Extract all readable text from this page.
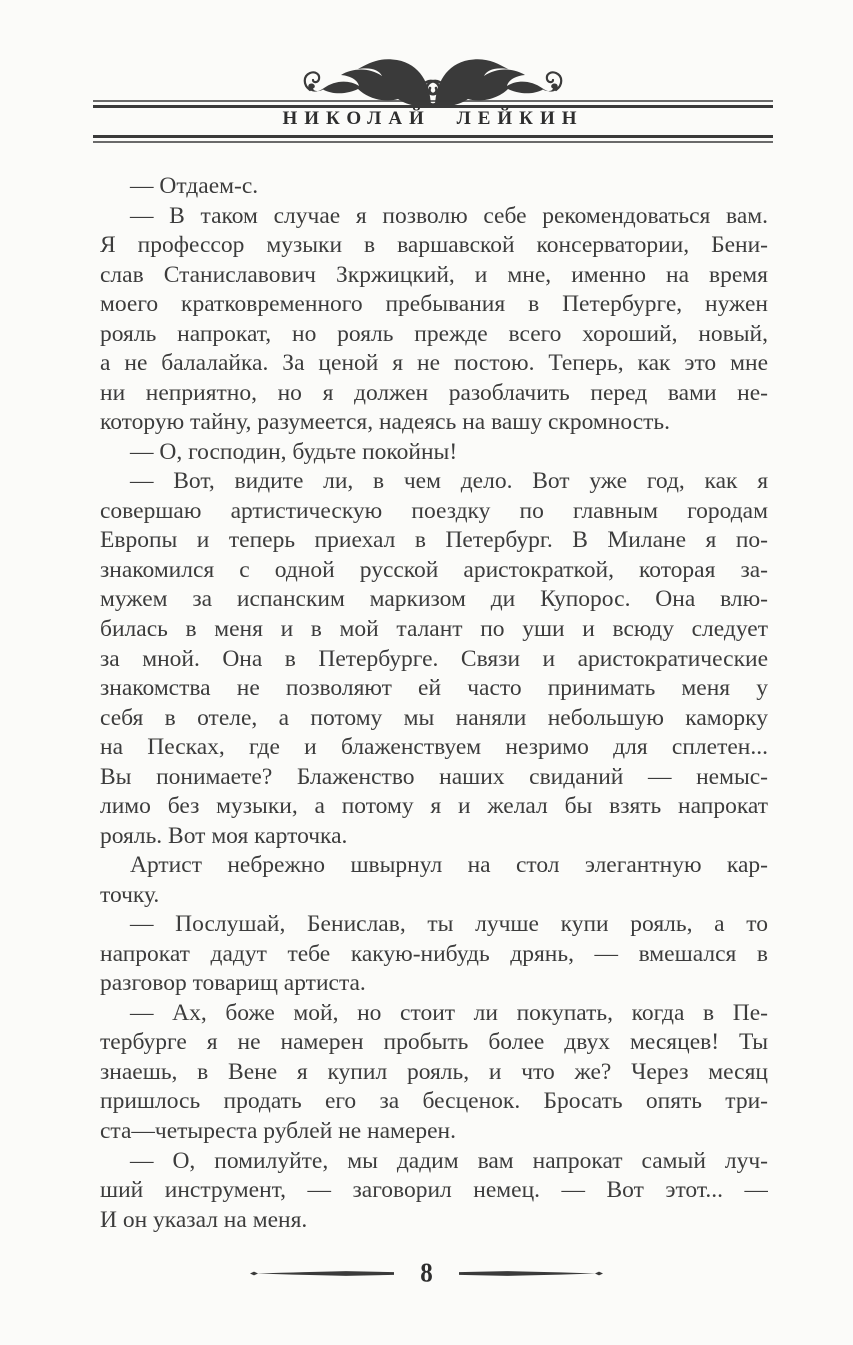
НИКОЛАЙ ЛЕЙКИН

— Отдаем-с.

— В таком случае я позволю себе рекомендоваться вам.
Я профессор музыки в варшавской консерватории, Бени-
слав Станиславович Зкржицкий, и мне, именно на время
моего кратковременного пребывания в Петербурге, нужен
рояль напрокат, но рояль прежде всего хороший, новый,
а не балалайка. За ценой я не постою. Теперь, как это мне
ни неприятно, но я должен разоблачить перед вами не-
которую тайну, разумеется, надеясь на вашу скромность.

— О, господин, будьте покойны!

— Вот, видите ли, в чем дело. Вот уже год, как я
совершаю артистическую поездку по главным городам
Европы и теперь приехал в Петербург. В Милане я по-
знакомился с одной русской аристократкой, которая за-
мужем за испанским маркизом ди Купорос. Она влю-
билась в меня и в мой талант по уши и всюду следует
за мной. Она в Петербурге. Связи и аристократические
знакомства не позволяют ей часто принимать меня у
себя в отеле, а потому мы наняли небольшую каморку
на Песках, где и блаженствуем незримо для сплетен...
Вы понимаете? Блаженство наших свиданий — немыс-
лимо без музыки, а потому я и желал бы взять напрокат
рояль. Вот моя карточка.

Артист небрежно швырнул на стол элегантную кар-
точку.

— Послушай, Бенислав, ты лучше купи рояль, а то
напрокат дадут тебе какую-нибудь дрянь, — вмешался в
разговор товарищ артиста.

— Ах, боже мой, но стоит ли покупать, когда в Пе-
тербурге я не намерен пробыть более двух месяцев! Ты
знаешь, в Вене я купил рояль, и что же? Через месяц
пришлось продать его за бесценок. Бросать опять три-
ста—четыреста рублей не намерен.

— О, помилуйте, мы дадим вам напрокат самый луч-
ший инструмент, — заговорил немец. — Вот этот... —
И он указал на меня.

8
